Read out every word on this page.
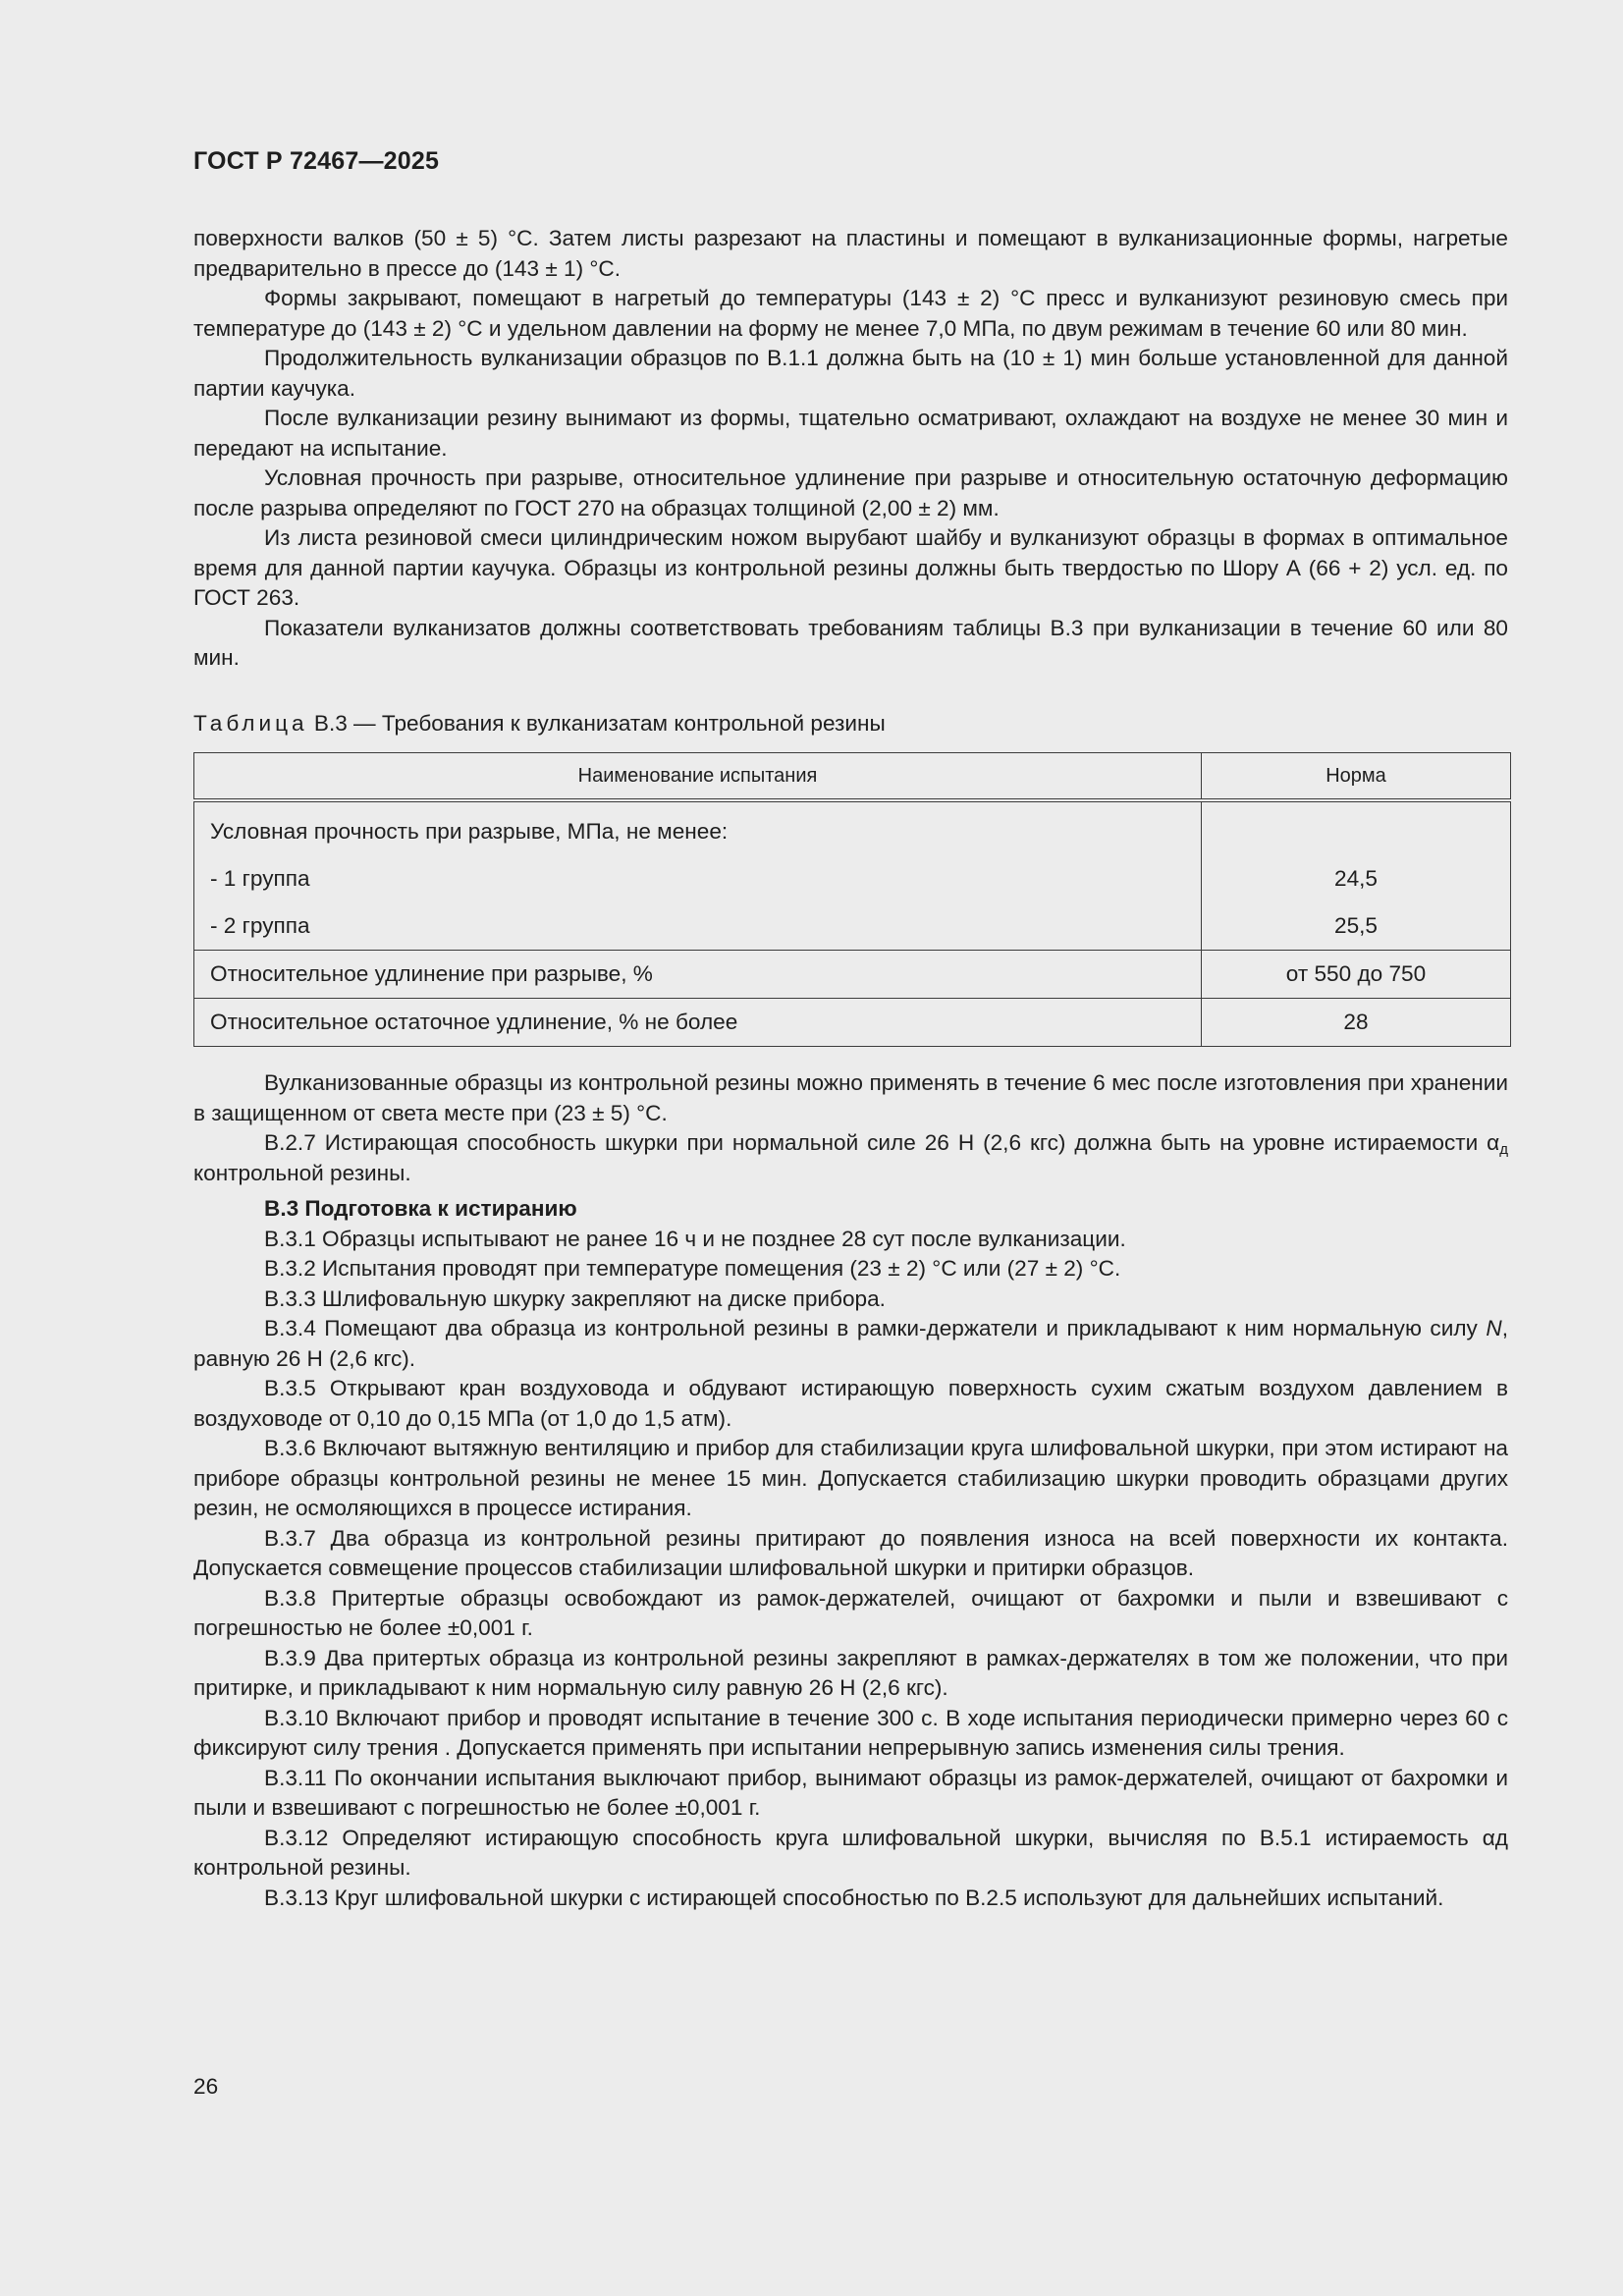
ГОСТ Р 72467—2025

поверхности валков (50 ± 5) °С. Затем листы разрезают на пластины и помещают в вулканизационные формы, нагретые предварительно в прессе до (143 ± 1) °С.

Формы закрывают, помещают в нагретый до температуры (143 ± 2) °С пресс и вулканизуют резиновую смесь при температуре до (143 ± 2) °С и удельном давлении на форму не менее 7,0 МПа, по двум режимам в течение 60 или 80 мин.

Продолжительность вулканизации образцов по В.1.1 должна быть на (10 ± 1) мин больше установленной для данной партии каучука.

После вулканизации резину вынимают из формы, тщательно осматривают, охлаждают на воздухе не менее 30 мин и передают на испытание.

Условная прочность при разрыве, относительное удлинение при разрыве и относительную остаточную деформацию после разрыва определяют по ГОСТ 270 на образцах толщиной (2,00 ± 2) мм.

Из листа резиновой смеси цилиндрическим ножом вырубают шайбу и вулканизуют образцы в формах в оптимальное время для данной партии каучука. Образцы из контрольной резины должны быть твердостью по Шору А (66 + 2) усл. ед. по ГОСТ 263.

Показатели вулканизатов должны соответствовать требованиям таблицы В.3 при вулканизации в течение 60 или 80 мин.

Таблица В.3 — Требования к вулканизатам контрольной резины

Наименование испытания	Норма
Условная прочность при разрыве, МПа, не менее:	
- 1 группа	24,5
- 2 группа	25,5
Относительное удлинение при разрыве, %	от 550 до 750
Относительное остаточное удлинение, % не более	28

Вулканизованные образцы из контрольной резины можно применять в течение 6 мес после изготовления при хранении в защищенном от света месте при (23 ± 5) °С.

В.2.7 Истирающая способность шкурки при нормальной силе 26 Н (2,6 кгс) должна быть на уровне истираемости $\alpha_д$ контрольной резины.

В.3 Подготовка к истиранию

В.3.1 Образцы испытывают не ранее 16 ч и не позднее 28 сут после вулканизации.

В.3.2 Испытания проводят при температуре помещения (23 ± 2) °С или (27 ± 2) °С.

В.3.3 Шлифовальную шкурку закрепляют на диске прибора.

В.3.4 Помещают два образца из контрольной резины в рамки-держатели и прикладывают к ним нормальную силу N, равную 26 Н (2,6 кгс).

В.3.5 Открывают кран воздуховода и обдувают истирающую поверхность сухим сжатым воздухом давлением в воздуховоде от 0,10 до 0,15 МПа (от 1,0 до 1,5 атм).

В.3.6 Включают вытяжную вентиляцию и прибор для стабилизации круга шлифовальной шкурки, при этом истирают на приборе образцы контрольной резины не менее 15 мин. Допускается стабилизацию шкурки проводить образцами других резин, не осмоляющихся в процессе истирания.

В.3.7 Два образца из контрольной резины притирают до появления износа на всей поверхности их контакта. Допускается совмещение процессов стабилизации шлифовальной шкурки и притирки образцов.

В.3.8 Притертые образцы освобождают из рамок-держателей, очищают от бахромки и пыли и взвешивают с погрешностью не более ±0,001 г.

В.3.9 Два притертых образца из контрольной резины закрепляют в рамках-держателях в том же положении, что при притирке, и прикладывают к ним нормальную силу равную 26 Н (2,6 кгс).

В.3.10 Включают прибор и проводят испытание в течение 300 с. В ходе испытания периодически примерно через 60 с фиксируют силу трения . Допускается применять при испытании непрерывную запись изменения силы трения.

В.3.11 По окончании испытания выключают прибор, вынимают образцы из рамок-держателей, очищают от бахромки и пыли и взвешивают с погрешностью не более ±0,001 г.

В.3.12 Определяют истирающую способность круга шлифовальной шкурки, вычисляя по В.5.1 истираемость αд контрольной резины.

В.3.13 Круг шлифовальной шкурки с истирающей способностью по В.2.5 используют для дальнейших испытаний.

26
